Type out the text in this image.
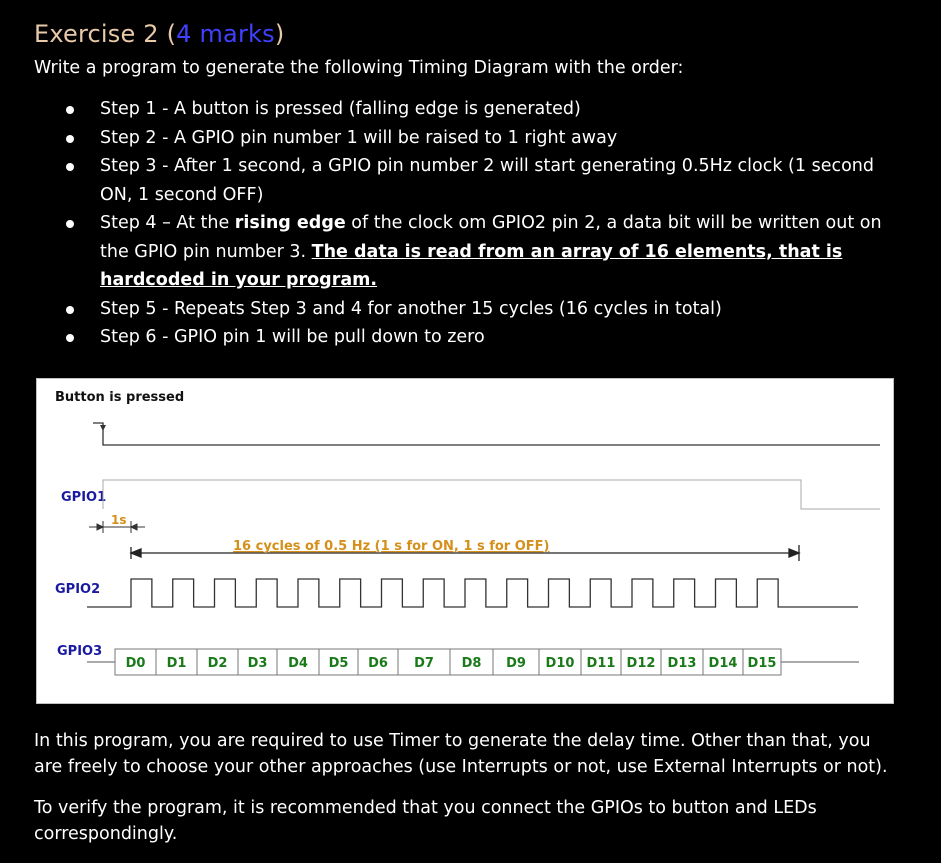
Exercise 2 (4 marks)
Write a program to generate the following Timing Diagram with the order:
Step 1 - A button is pressed (falling edge is generated)
Step 2 - A GPIO pin number 1 will be raised to 1 right away
Step 3 - After 1 second, a GPIO pin number 2 will start generating 0.5Hz clock (1 second ON, 1 second OFF)
Step 4 – At the rising edge of the clock om GPIO2 pin 2, a data bit will be written out on the GPIO pin number 3. The data is read from an array of 16 elements, that is hardcoded in your program.
Step 5 - Repeats Step 3 and 4 for another 15 cycles (16 cycles in total)
Step 6 - GPIO pin 1 will be pull down to zero
Button is pressed
GPIO1
1s
16 cycles of 0.5 Hz (1 s for ON, 1 s for OFF)
GPIO2
GPIO3
D0 D1 D2 D3 D4 D5 D6 D7 D8 D9 D10 D11 D12 D13 D14 D15
In this program, you are required to use Timer to generate the delay time. Other than that, you are freely to choose your other approaches (use Interrupts or not, use External Interrupts or not).
To verify the program, it is recommended that you connect the GPIOs to button and LEDs correspondingly.
